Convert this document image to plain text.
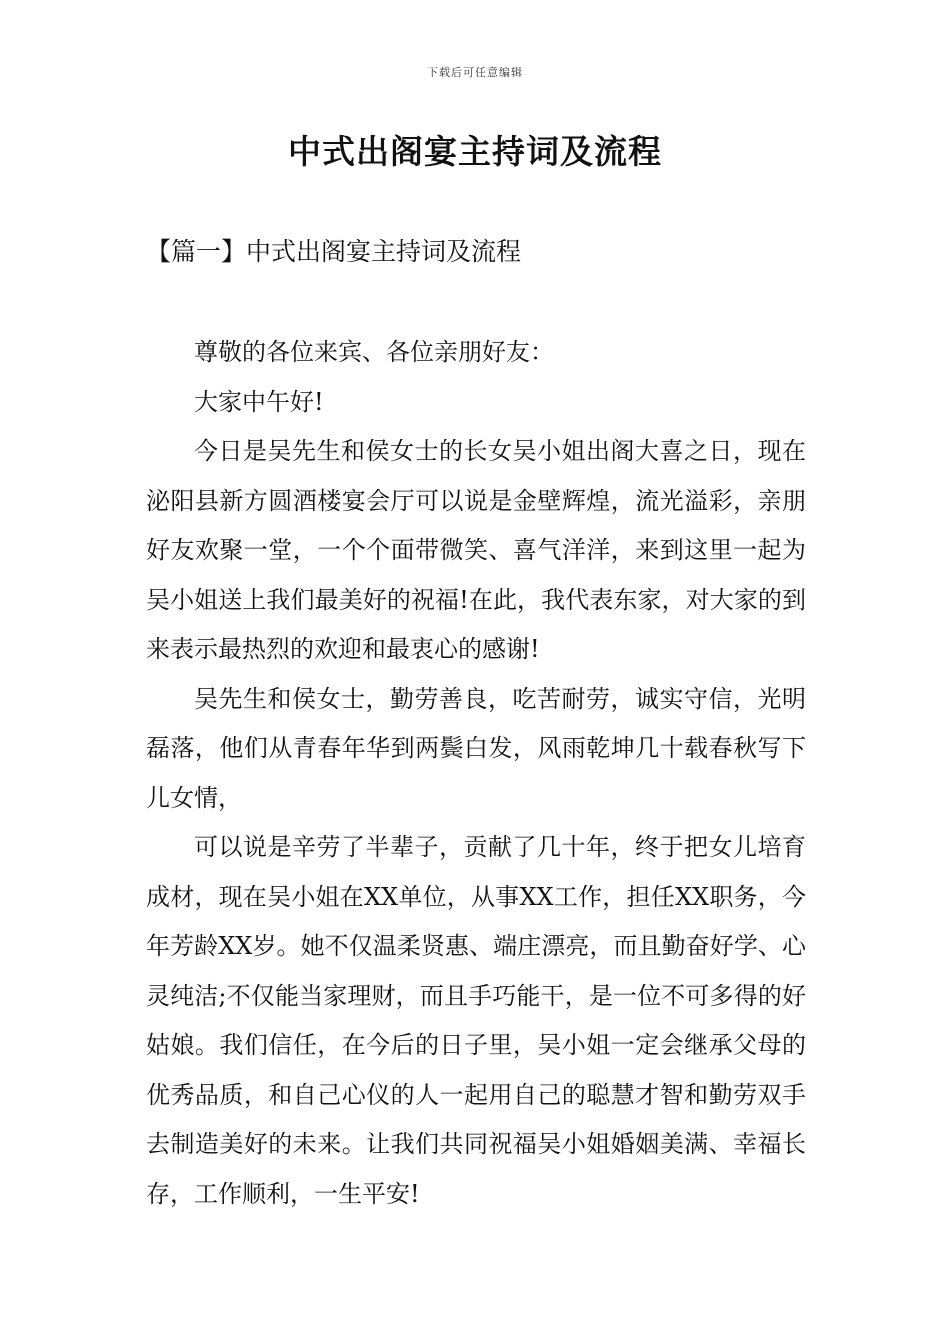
下载后可任意编辑
中式出阁宴主持词及流程
【篇一】中式出阁宴主持词及流程

尊敬的各位来宾、各位亲朋好友：

大家中午好!

今日是吴先生和侯女士的长女吴小姐出阁大喜之日，现在泌阳县新方圆酒楼宴会厅可以说是金壁辉煌，流光溢彩，亲朋好友欢聚一堂，一个个面带微笑、喜气洋洋，来到这里一起为吴小姐送上我们最美好的祝福!在此，我代表东家，对大家的到来表示最热烈的欢迎和最衷心的感谢!

吴先生和侯女士，勤劳善良，吃苦耐劳，诚实守信，光明磊落，他们从青春年华到两鬓白发，风雨乾坤几十载春秋写下儿女情，

可以说是辛劳了半辈子，贡献了几十年，终于把女儿培育成材，现在吴小姐在XX单位，从事XX工作，担任XX职务，今年芳龄XX岁。她不仅温柔贤惠、端庄漂亮，而且勤奋好学、心灵纯洁;不仅能当家理财，而且手巧能干，是一位不可多得的好姑娘。我们信任，在今后的日子里，吴小姐一定会继承父母的优秀品质，和自己心仪的人一起用自己的聪慧才智和勤劳双手去制造美好的未来。让我们共同祝福吴小姐婚姻美满、幸福长存，工作顺利，一生平安!
